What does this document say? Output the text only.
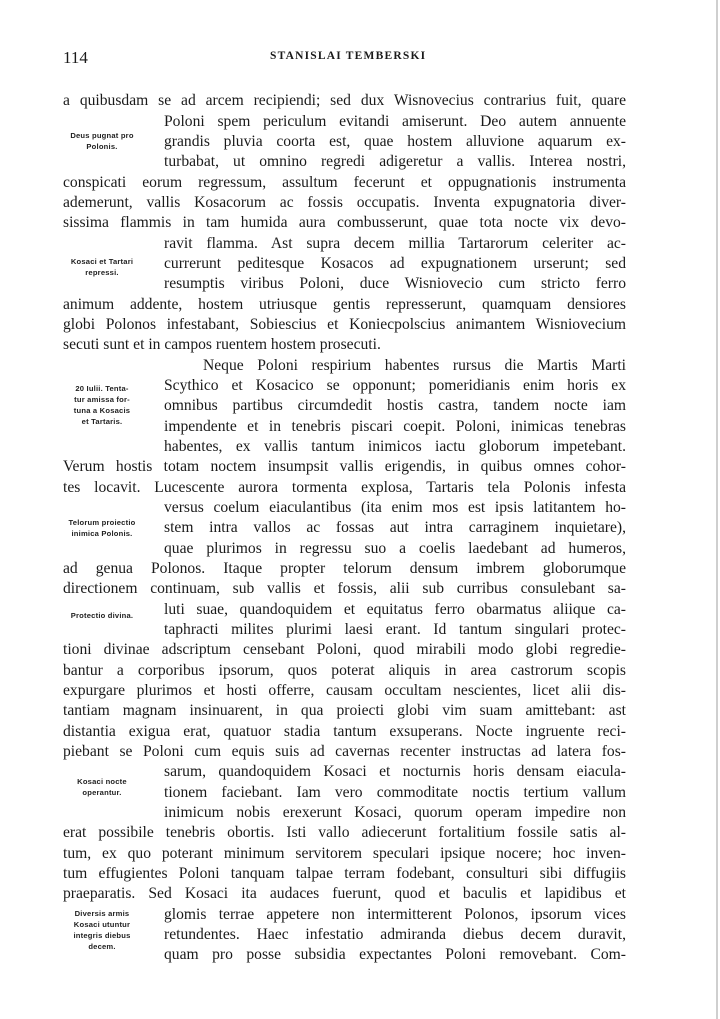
114	STANISLAI TEMBERSKI
a quibusdam se ad arcem recipiendi; sed dux Wisnovecius contrarius fuit, quare
Poloni spem periculum evitandi amiserunt. Deo autem annuente
grandis pluvia coorta est, quae hostem alluvione aquarum ex-
turbabat, ut omnino regredi adigeretur a vallis. Interea nostri,
conspicati eorum regressum, assultum fecerunt et oppugnationis instrumenta
ademerunt, vallis Kosacorum ac fossis occupatis. Inventa expugnatoria diver-
sissima flammis in tam humida aura combusserunt, quae tota nocte vix devo-
ravit flamma. Ast supra decem millia Tartarorum celeriter ac-
currerunt peditesque Kosacos ad expugnationem urserunt; sed
resumptis viribus Poloni, duce Wisniovecio cum stricto ferro
animum addente, hostem utriusque gentis represserunt, quamquam densiores
globi Polonos infestabant, Sobiescius et Koniecpolscius animantem Wisniovecium
secuti sunt et in campos ruentem hostem prosecuti.
Neque Poloni respirium habentes rursus die Martis Marti
Scythico et Kosacico se opponunt; pomeridianis enim horis ex
omnibus partibus circumdedit hostis castra, tandem nocte iam
impendente et in tenebris piscari coepit. Poloni, inimicas tenebras
habentes, ex vallis tantum inimicos iactu globorum impetebant.
Verum hostis totam noctem insumpsit vallis erigendis, in quibus omnes cohor-
tes locavit. Lucescente aurora tormenta explosa, Tartaris tela Polonis infesta
versus coelum eiaculantibus (ita enim mos est ipsis latitantem ho-
stem intra vallos ac fossas aut intra carraginem inquietare),
quae plurimos in regressu suo a coelis laedebant ad humeros,
ad genua Polonos. Itaque propter telorum densum imbrem globorumque
directionem continuam, sub vallis et fossis, alii sub curribus consulebant sa-
luti suae, quandoquidem et equitatus ferro obarmatus aliique ca-
taphracti milites plurimi laesi erant. Id tantum singulari protec-
tioni divinae adscriptum censebant Poloni, quod mirabili modo globi regredie-
bantur a corporibus ipsorum, quos poterat aliquis in area castrorum scopis
expurgare plurimos et hosti offerre, causam occultam nescientes, licet alii dis-
tantiam magnam insinuarent, in qua proiecti globi vim suam amittebant: ast
distantia exigua erat, quatuor stadia tantum exsuperans. Nocte ingruente reci-
piebant se Poloni cum equis suis ad cavernas recenter instructas ad latera fos-
sarum, quandoquidem Kosaci et nocturnis horis densam eiacula-
tionem faciebant. Iam vero commoditate noctis tertium vallum
inimicum nobis erexerunt Kosaci, quorum operam impedire non
erat possibile tenebris obortis. Isti vallo adiecerunt fortalitium fossile satis al-
tum, ex quo poterant minimum servitorem speculari ipsique nocere; hoc inven-
tum effugientes Poloni tanquam talpae terram fodebant, consulturi sibi diffugiis
praeparatis. Sed Kosaci ita audaces fuerunt, quod et baculis et lapidibus et
glomis terrae appetere non intermitterent Polonos, ipsorum vices
retundentes. Haec infestatio admiranda diebus decem duravit,
quam pro posse subsidia expectantes Poloni removebant. Com-
Deus pugnat pro
Polonis.
Kosaci et Tartari
repressi.
20 Iulii. Tenta-
tur amissa for-
tuna a Kosacis
et Tartaris.
Telorum proiectio
inimica Polonis.
Protectio divina.
Kosaci nocte
operantur.
Diversis armis
Kosaci utuntur
integris diebus
decem.
